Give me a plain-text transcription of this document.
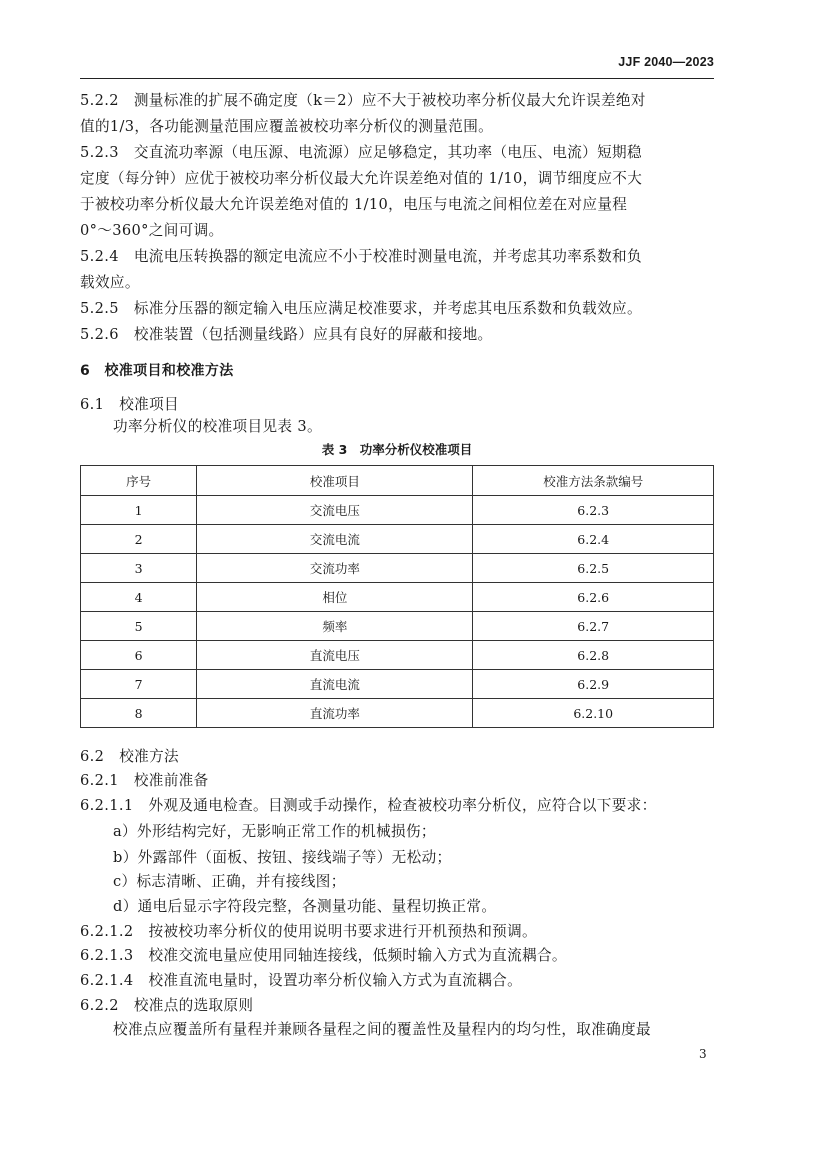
JJF 2040—2023
5.2.2　测量标准的扩展不确定度（k＝2）应不大于被校功率分析仪最大允许误差绝对
值的1/3，各功能测量范围应覆盖被校功率分析仪的测量范围。
5.2.3　交直流功率源（电压源、电流源）应足够稳定，其功率（电压、电流）短期稳
定度（每分钟）应优于被校功率分析仪最大允许误差绝对值的 1/10，调节细度应不大
于被校功率分析仪最大允许误差绝对值的 1/10，电压与电流之间相位差在对应量程
0°～360°之间可调。
5.2.4　电流电压转换器的额定电流应不小于校准时测量电流，并考虑其功率系数和负
载效应。
5.2.5　标准分压器的额定输入电压应满足校准要求，并考虑其电压系数和负载效应。
5.2.6　校准装置（包括测量线路）应具有良好的屏蔽和接地。
6　校准项目和校准方法
6.1　校准项目
功率分析仪的校准项目见表 3。
表 3　功率分析仪校准项目
序号	校准项目	校准方法条款编号
1	交流电压	6.2.3
2	交流电流	6.2.4
3	交流功率	6.2.5
4	相位	6.2.6
5	频率	6.2.7
6	直流电压	6.2.8
7	直流电流	6.2.9
8	直流功率	6.2.10
6.2　校准方法
6.2.1　校准前准备
6.2.1.1　外观及通电检查。目测或手动操作，检查被校功率分析仪，应符合以下要求：
a）外形结构完好，无影响正常工作的机械损伤；
b）外露部件（面板、按钮、接线端子等）无松动；
c）标志清晰、正确，并有接线图；
d）通电后显示字符段完整，各测量功能、量程切换正常。
6.2.1.2　按被校功率分析仪的使用说明书要求进行开机预热和预调。
6.2.1.3　校准交流电量应使用同轴连接线，低频时输入方式为直流耦合。
6.2.1.4　校准直流电量时，设置功率分析仪输入方式为直流耦合。
6.2.2　校准点的选取原则
校准点应覆盖所有量程并兼顾各量程之间的覆盖性及量程内的均匀性，取准确度最
3
